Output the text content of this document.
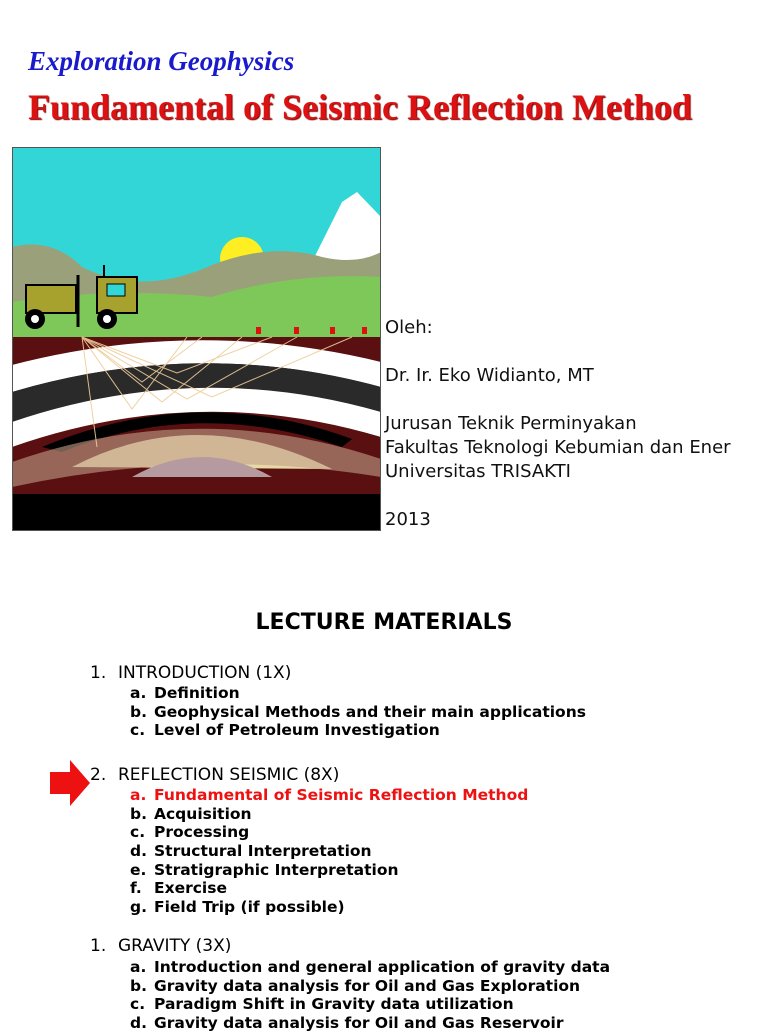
Exploration Geophysics
Fundamental of Seismic Reflection Method
Oleh:
Dr. Ir. Eko Widianto, MT
Jurusan Teknik Perminyakan
Fakultas Teknologi Kebumian dan Ener
Universitas TRISAKTI
2013
LECTURE MATERIALS
1. INTRODUCTION (1X)
a. Definition
b. Geophysical Methods and their main applications
c. Level of Petroleum Investigation
2. REFLECTION SEISMIC (8X)
a. Fundamental of Seismic Reflection Method
b. Acquisition
c. Processing
d. Structural Interpretation
e. Stratigraphic Interpretation
f. Exercise
g. Field Trip (if possible)
1. GRAVITY (3X)
a. Introduction and general application of gravity data
b. Gravity data analysis for Oil and Gas Exploration
c. Paradigm Shift in Gravity data utilization
d. Gravity data analysis for Oil and Gas Reservoir
